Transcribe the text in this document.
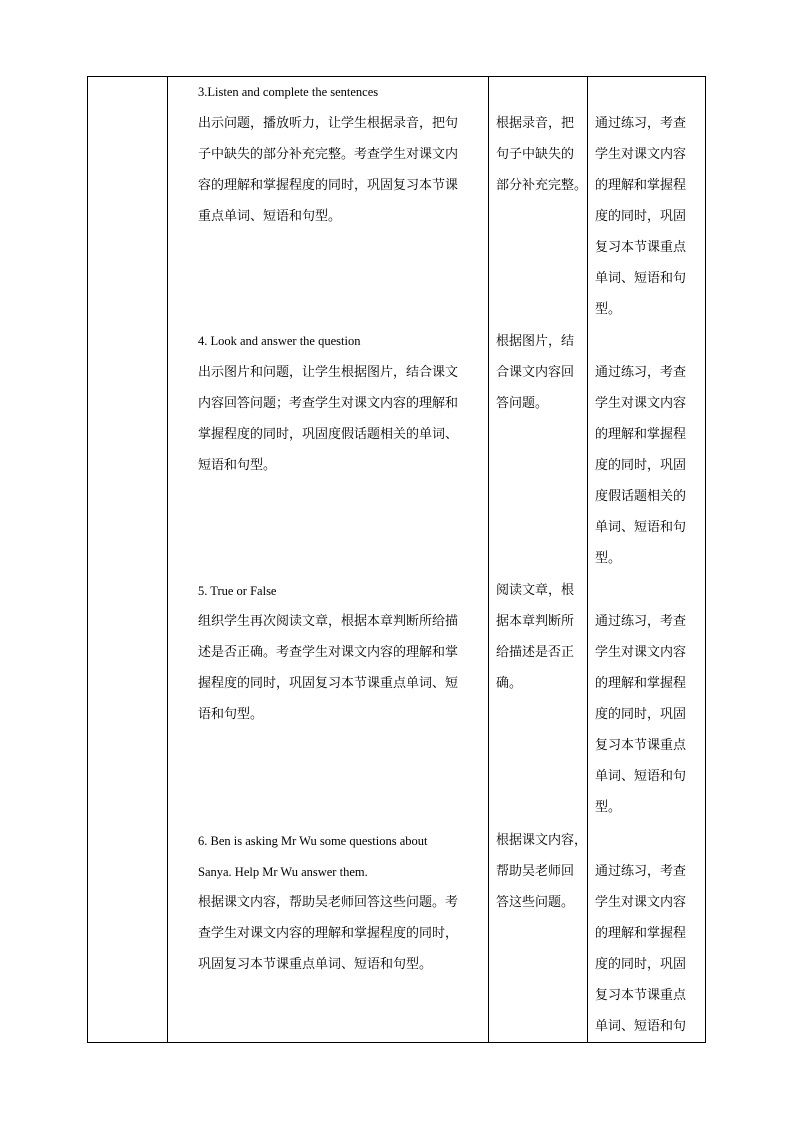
3.Listen and complete the sentences
出示问题，播放听力，让学生根据录音，把句
子中缺失的部分补充完整。考查学生对课文内
容的理解和掌握程度的同时，巩固复习本节课
重点单词、短语和句型。
根据录音，把
句子中缺失的
部分补充完整。
通过练习，考查
学生对课文内容
的理解和掌握程
度的同时，巩固
复习本节课重点
单词、短语和句
型。
4. Look and answer the question
出示图片和问题，让学生根据图片，结合课文
内容回答问题；考查学生对课文内容的理解和
掌握程度的同时，巩固度假话题相关的单词、
短语和句型。
根据图片，结
合课文内容回
答问题。
通过练习，考查
学生对课文内容
的理解和掌握程
度的同时，巩固
度假话题相关的
单词、短语和句
型。
5. True or False
组织学生再次阅读文章，根据本章判断所给描
述是否正确。考查学生对课文内容的理解和掌
握程度的同时，巩固复习本节课重点单词、短
语和句型。
阅读文章，根
据本章判断所
给描述是否正
确。
通过练习，考查
学生对课文内容
的理解和掌握程
度的同时，巩固
复习本节课重点
单词、短语和句
型。
6. Ben is asking Mr Wu some questions about
Sanya. Help Mr Wu answer them.
根据课文内容，帮助吴老师回答这些问题。考
查学生对课文内容的理解和掌握程度的同时，
巩固复习本节课重点单词、短语和句型。
根据课文内容，
帮助吴老师回
答这些问题。
通过练习，考查
学生对课文内容
的理解和掌握程
度的同时，巩固
复习本节课重点
单词、短语和句
